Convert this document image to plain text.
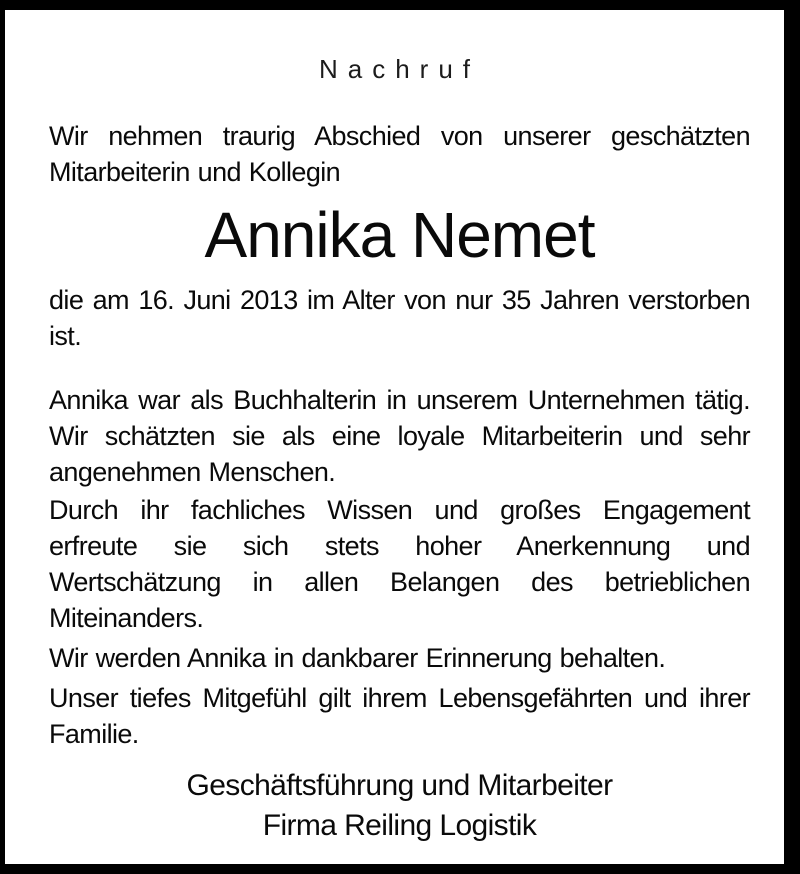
Nachruf

Wir nehmen traurig Abschied von unserer geschätzten Mitarbeiterin und Kollegin

Annika Nemet

die am 16. Juni 2013 im Alter von nur 35 Jahren verstorben ist.

Annika war als Buchhalterin in unserem Unternehmen tätig. Wir schätzten sie als eine loyale Mitarbeiterin und sehr angenehmen Menschen.

Durch ihr fachliches Wissen und großes Engagement erfreute sie sich stets hoher Anerkennung und Wertschätzung in allen Belangen des betrieblichen Miteinanders.

Wir werden Annika in dankbarer Erinnerung behalten.

Unser tiefes Mitgefühl gilt ihrem Lebensgefährten und ihrer Familie.

Geschäftsführung und Mitarbeiter
Firma Reiling Logistik
